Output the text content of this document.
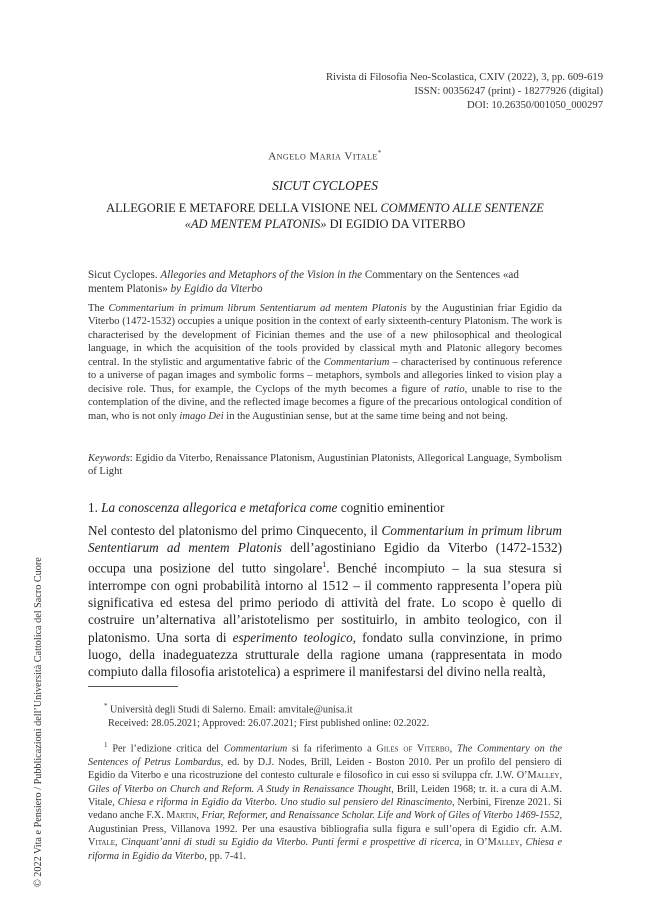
Rivista di Filosofia Neo-Scolastica, CXIV (2022), 3, pp. 609-619
ISSN: 00356247 (print) - 18277926 (digital)
DOI: 10.26350/001050_000297
Angelo Maria Vitale*
SICUT CYCLOPES
ALLEGORIE E METAFORE DELLA VISIONE NEL COMMENTO ALLE SENTENZE
«AD MENTEM PLATONIS» DI EGIDIO DA VITERBO
Sicut Cyclopes. Allegories and Metaphors of the Vision in the Commentary on the Sentences «ad mentem Platonis» by Egidio da Viterbo
The Commentarium in primum librum Sententiarum ad mentem Platonis by the Augustinian friar Egidio da Viterbo (1472-1532) occupies a unique position in the context of early sixteenth-century Platonism. The work is characterised by the development of Ficinian themes and the use of a new philosophical and theological language, in which the acquisition of the tools provided by classical myth and Platonic allegory becomes central. In the stylistic and argumentative fabric of the Commentarium – characterised by continuous reference to a universe of pagan images and symbolic forms – metaphors, symbols and allegories linked to vision play a decisive role. Thus, for example, the Cyclops of the myth becomes a figure of ratio, unable to rise to the contemplation of the divine, and the reflected image becomes a figure of the precarious ontological condition of man, who is not only imago Dei in the Augustinian sense, but at the same time being and not being.
Keywords: Egidio da Viterbo, Renaissance Platonism, Augustinian Platonists, Allegorical Language, Symbolism of Light
1. La conoscenza allegorica e metaforica come cognitio eminentior
Nel contesto del platonismo del primo Cinquecento, il Commentarium in primum librum Sententiarum ad mentem Platonis dell’agostiniano Egidio da Viterbo (1472-1532) occupa una posizione del tutto singolare$^1$. Benché incompiuto – la sua stesura si interrompe con ogni probabilità intorno al 1512 – il commento rappresenta l’opera più significativa ed estesa del primo periodo di attività del frate. Lo scopo è quello di costruire un’alternativa all’aristotelismo per sostituirlo, in ambito teologico, con il platonismo. Una sorta di esperimento teologico, fondato sulla convinzione, in primo luogo, della inadeguatezza strutturale della ragione umana (rappresentata in modo compiuto dalla filosofia aristotelica) a esprimere il manifestarsi del divino nella realtà,
* Università degli Studi di Salerno. Email: amvitale@unisa.it
Received: 28.05.2021; Approved: 26.07.2021; First published online: 02.2022.
$^1$ Per l’edizione critica del Commentarium si fa riferimento a Giles of Viterbo, The Commentary on the Sentences of Petrus Lombardus, ed. by D.J. Nodes, Brill, Leiden - Boston 2010. Per un profilo del pensiero di Egidio da Viterbo e una ricostruzione del contesto culturale e filosofico in cui esso si sviluppa cfr. J.W. O’Malley, Giles of Viterbo on Church and Reform. A Study in Renaissance Thought, Brill, Leiden 1968; tr. it. a cura di A.M. Vitale, Chiesa e riforma in Egidio da Viterbo. Uno studio sul pensiero del Rinascimento, Nerbini, Firenze 2021. Si vedano anche F.X. Martin, Friar, Reformer, and Renaissance Scholar. Life and Work of Giles of Viterbo 1469-1552, Augustinian Press, Villanova 1992. Per una esaustiva bibliografia sulla figura e sull’opera di Egidio cfr. A.M. Vitale, Cinquant’anni di studi su Egidio da Viterbo. Punti fermi e prospettive di ricerca, in O’Malley, Chiesa e riforma in Egidio da Viterbo, pp. 7-41.
© 2022 Vita e Pensiero / Pubblicazioni dell’Università Cattolica del Sacro Cuore
